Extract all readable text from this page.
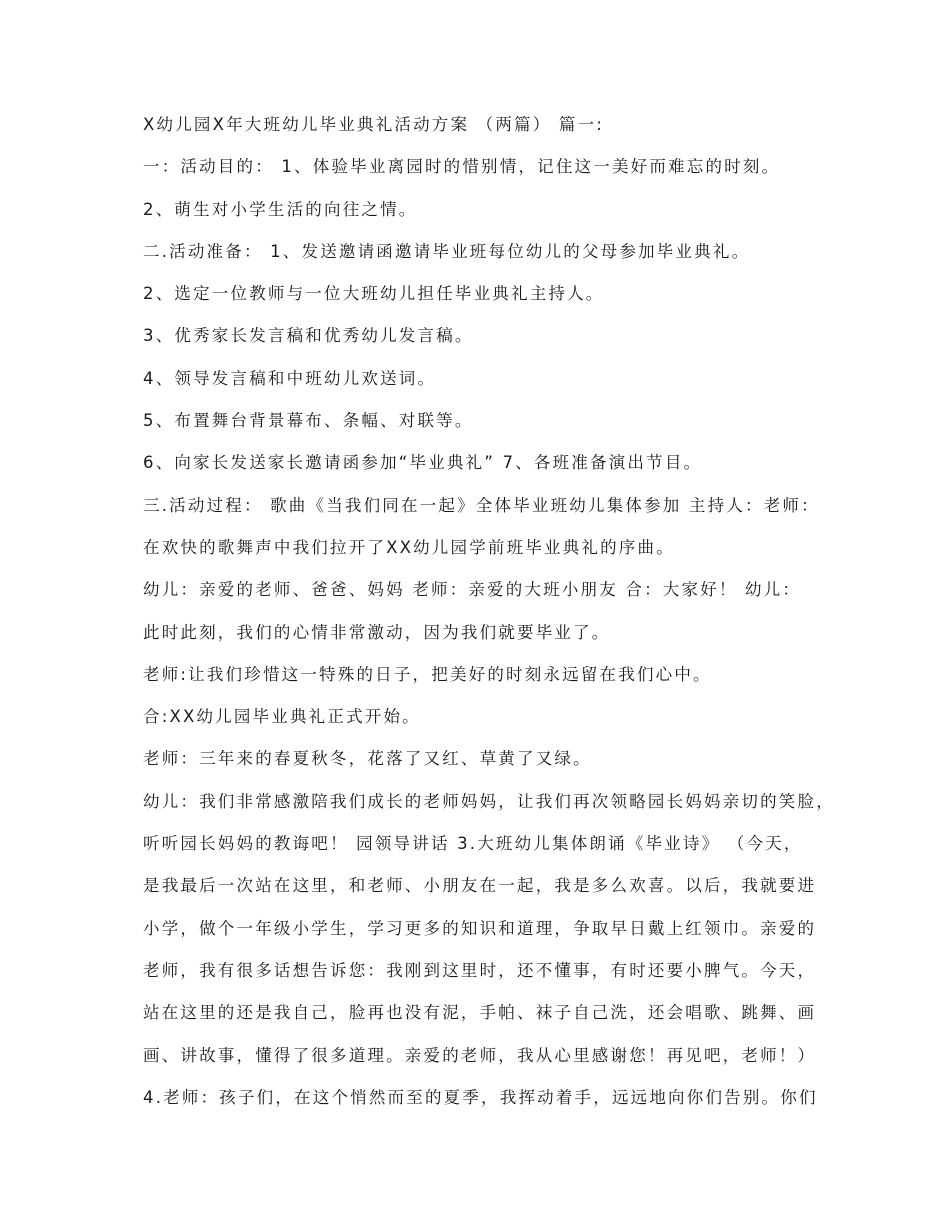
X幼儿园X年大班幼儿毕业典礼活动方案 （两篇） 篇一:
一：活动目的： 1、体验毕业离园时的惜别情，记住这一美好而难忘的时刻。
2、萌生对小学生活的向往之情。
二.活动准备： 1、发送邀请函邀请毕业班每位幼儿的父母参加毕业典礼。
2、选定一位教师与一位大班幼儿担任毕业典礼主持人。
3、优秀家长发言稿和优秀幼儿发言稿。
4、领导发言稿和中班幼儿欢送词。
5、布置舞台背景幕布、条幅、对联等。
6、向家长发送家长邀请函参加“毕业典礼” 7、各班准备演出节目。
三.活动过程： 歌曲《当我们同在一起》全体毕业班幼儿集体参加 主持人：老师：
在欢快的歌舞声中我们拉开了XX幼儿园学前班毕业典礼的序曲。
幼儿：亲爱的老师、爸爸、妈妈 老师：亲爱的大班小朋友 合：大家好！ 幼儿：
此时此刻，我们的心情非常激动，因为我们就要毕业了。
老师:让我们珍惜这一特殊的日子，把美好的时刻永远留在我们心中。
合:XX幼儿园毕业典礼正式开始。
老师：三年来的春夏秋冬，花落了又红、草黄了又绿。
幼儿：我们非常感激陪我们成长的老师妈妈，让我们再次领略园长妈妈亲切的笑脸，
听听园长妈妈的教诲吧！ 园领导讲话 3.大班幼儿集体朗诵《毕业诗》 （今天，
是我最后一次站在这里，和老师、小朋友在一起，我是多么欢喜。以后，我就要进
小学，做个一年级小学生，学习更多的知识和道理，争取早日戴上红领巾。亲爱的
老师，我有很多话想告诉您：我刚到这里时，还不懂事，有时还要小脾气。今天，
站在这里的还是我自己，脸再也没有泥，手帕、袜子自己洗，还会唱歌、跳舞、画
画、讲故事，懂得了很多道理。亲爱的老师，我从心里感谢您！再见吧，老师！）
4.老师：孩子们，在这个悄然而至的夏季，我挥动着手，远远地向你们告别。你们
